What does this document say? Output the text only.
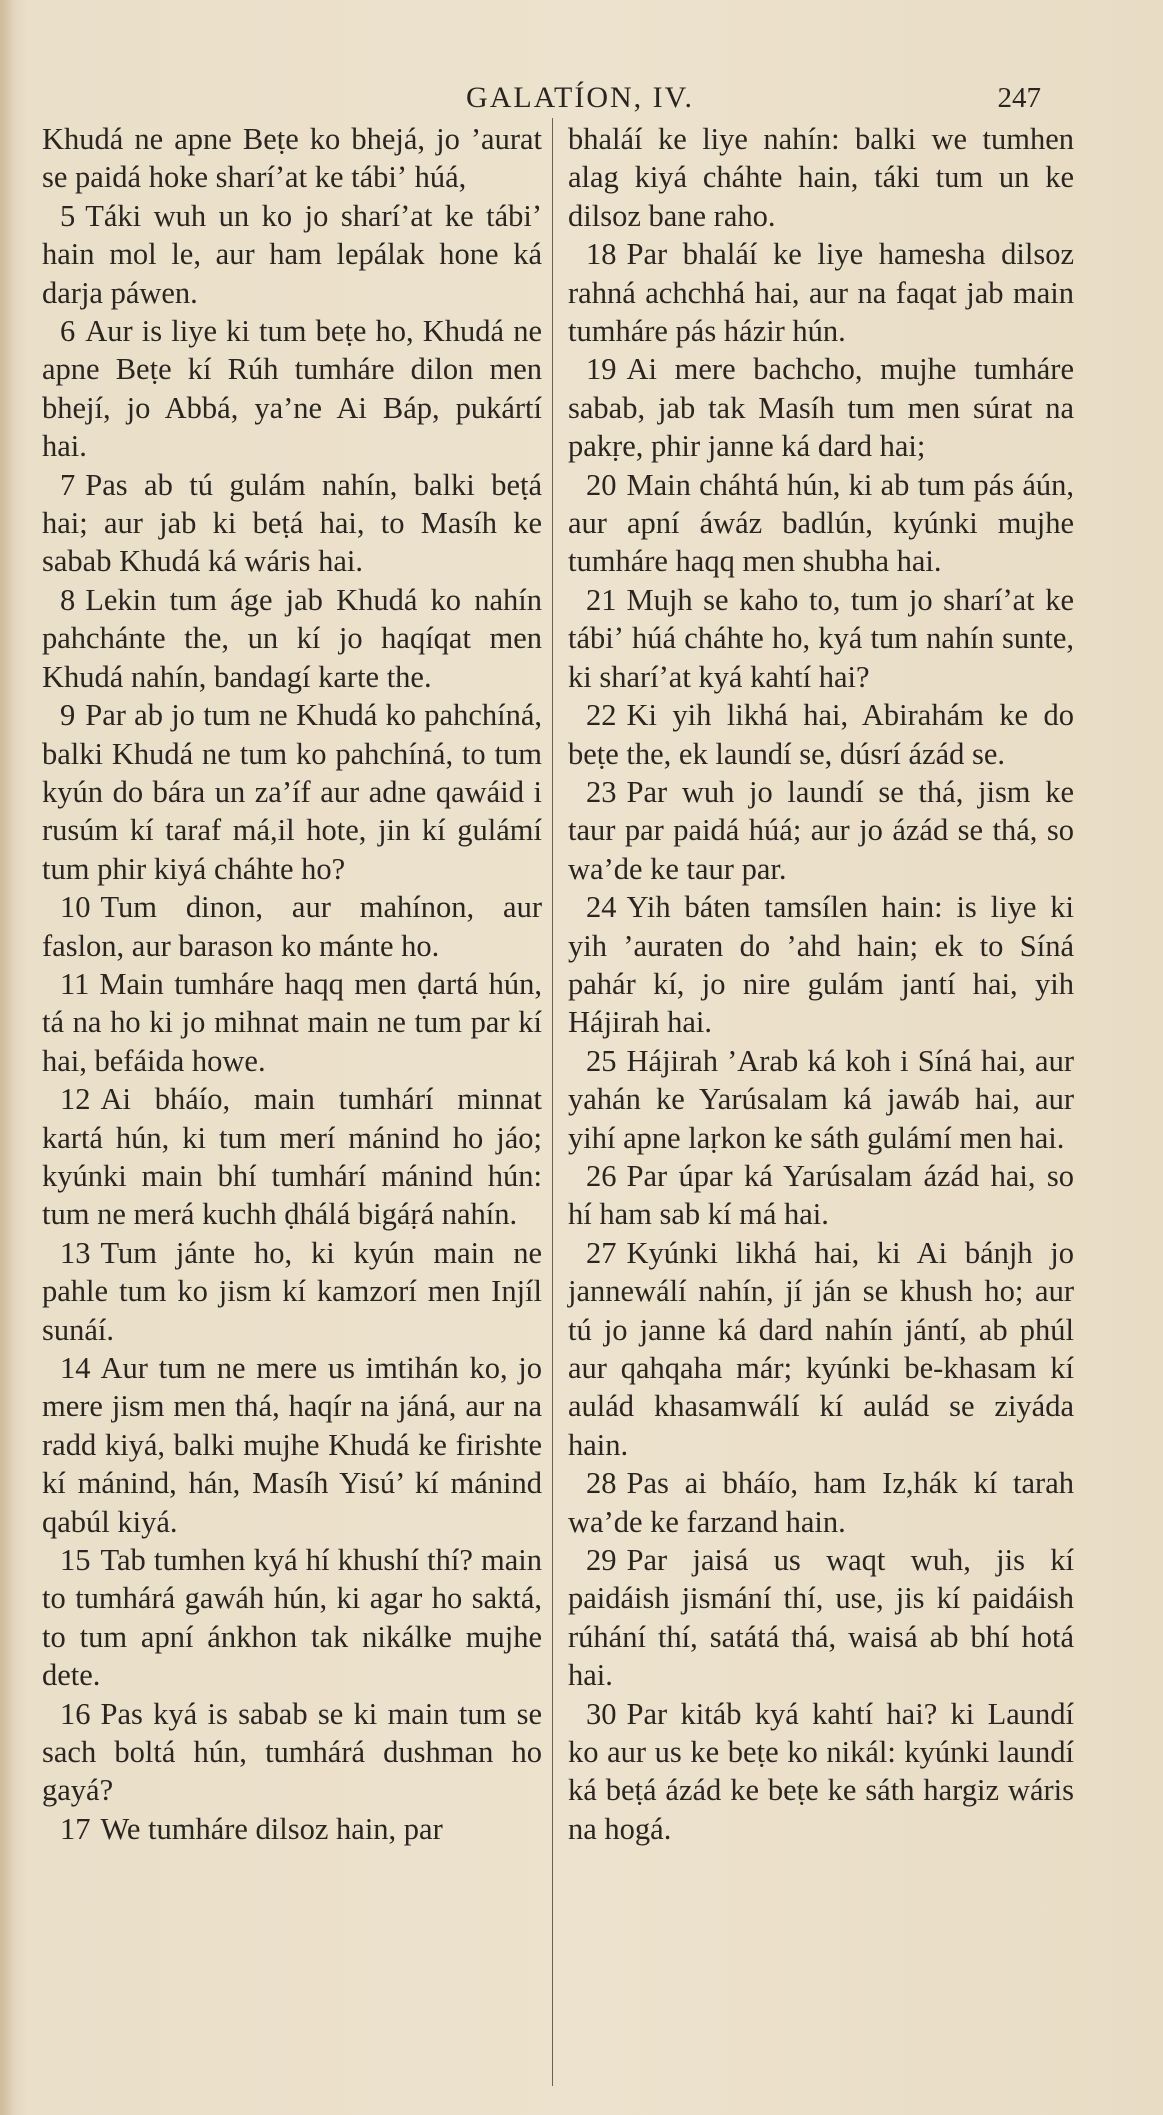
GALATÍON, IV.	247

Khudá ne apne Beṭe ko bhejá, jo ’aurat se paidá hoke sharíʼat ke tábiʼ húá,

5 Táki wuh un ko jo sharíʼat ke tábiʼ hain mol le, aur ham lepálak hone ká darja páwen.

6 Aur is liye ki tum beṭe ho, Khudá ne apne Beṭe kí Rúh tumháre dilon men bhejí, jo Abbá, ya’ne Ai Báp, pukártí hai.

7 Pas ab tú gulám nahín, balki beṭá hai; aur jab ki beṭá hai, to Masíh ke sabab Khudá ká wáris hai.

8 Lekin tum áge jab Khudá ko nahín pahchánte the, un kí jo haqíqat men Khudá nahín, bandagí karte the.

9 Par ab jo tum ne Khudá ko pahchíná, balki Khudá ne tum ko pahchíná, to tum kyún do bára un za’íf aur adne qawáid i rusúm kí taraf má,il hote, jin kí gulámí tum phir kiyá cháhte ho?

10 Tum dinon, aur mahínon, aur faslon, aur barason ko mánte ho.

11 Main tumháre haqq men ḍartá hún, tá na ho ki jo mihnat main ne tum par kí hai, befáida howe.

12 Ai bháío, main tumhárí minnat kartá hún, ki tum merí mánind ho jáo; kyúnki main bhí tumhárí mánind hún: tum ne merá kuchh ḍhálá bigáṛá nahín.

13 Tum jánte ho, ki kyún main ne pahle tum ko jism kí kamzorí men Injíl sunáí.

14 Aur tum ne mere us imtihán ko, jo mere jism men thá, haqír na jáná, aur na radd kiyá, balki mujhe Khudá ke firishte kí mánind, hán, Masíh Yisú’ kí mánind qabúl kiyá.

15 Tab tumhen kyá hí khushí thí? main to tumhárá gawáh hún, ki agar ho saktá, to tum apní ánkhon tak nikálke mujhe dete.

16 Pas kyá is sabab se ki main tum se sach boltá hún, tumhárá dushman ho gayá?

17 We tumháre dilsoz hain, par

bhaláí ke liye nahín: balki we tumhen alag kiyá cháhte hain, táki tum un ke dilsoz bane raho.

18 Par bhaláí ke liye hamesha dilsoz rahná achchhá hai, aur na faqat jab main tumháre pás házir hún.

19 Ai mere bachcho, mujhe tumháre sabab, jab tak Masíh tum men súrat na pakṛe, phir janne ká dard hai;

20 Main cháhtá hún, ki ab tum pás áún, aur apní áwáz badlún, kyúnki mujhe tumháre haqq men shubha hai.

21 Mujh se kaho to, tum jo sharíʼat ke tábiʼ húá cháhte ho, kyá tum nahín sunte, ki sharíʼat kyá kahtí hai?

22 Ki yih likhá hai, Abirahám ke do beṭe the, ek laundí se, dúsrí ázád se.

23 Par wuh jo laundí se thá, jism ke taur par paidá húá; aur jo ázád se thá, so wa’de ke taur par.

24 Yih báten tamsílen hain: is liye ki yih ’auraten do ’ahd hain; ek to Síná pahár kí, jo nire gulám jantí hai, yih Hájirah hai.

25 Hájirah ’Arab ká koh i Síná hai, aur yahán ke Yarúsalam ká jawáb hai, aur yihí apne laṛkon ke sáth gulámí men hai.

26 Par úpar ká Yarúsalam ázád hai, so hí ham sab kí má hai.

27 Kyúnki likhá hai, ki Ai bánjh jo jannewálí nahín, jí ján se khush ho; aur tú jo janne ká dard nahín jántí, ab phúl aur qahqaha már; kyúnki be-khasam kí aulád khasamwálí kí aulád se ziyáda hain.

28 Pas ai bháío, ham Iz,hák kí tarah wa’de ke farzand hain.

29 Par jaisá us waqt wuh, jis kí paidáish jismání thí, use, jis kí paidáish rúhání thí, satátá thá, waisá ab bhí hotá hai.

30 Par kitáb kyá kahtí hai? ki Laundí ko aur us ke beṭe ko nikál: kyúnki laundí ká beṭá ázád ke beṭe ke sáth hargiz wáris na hogá.
